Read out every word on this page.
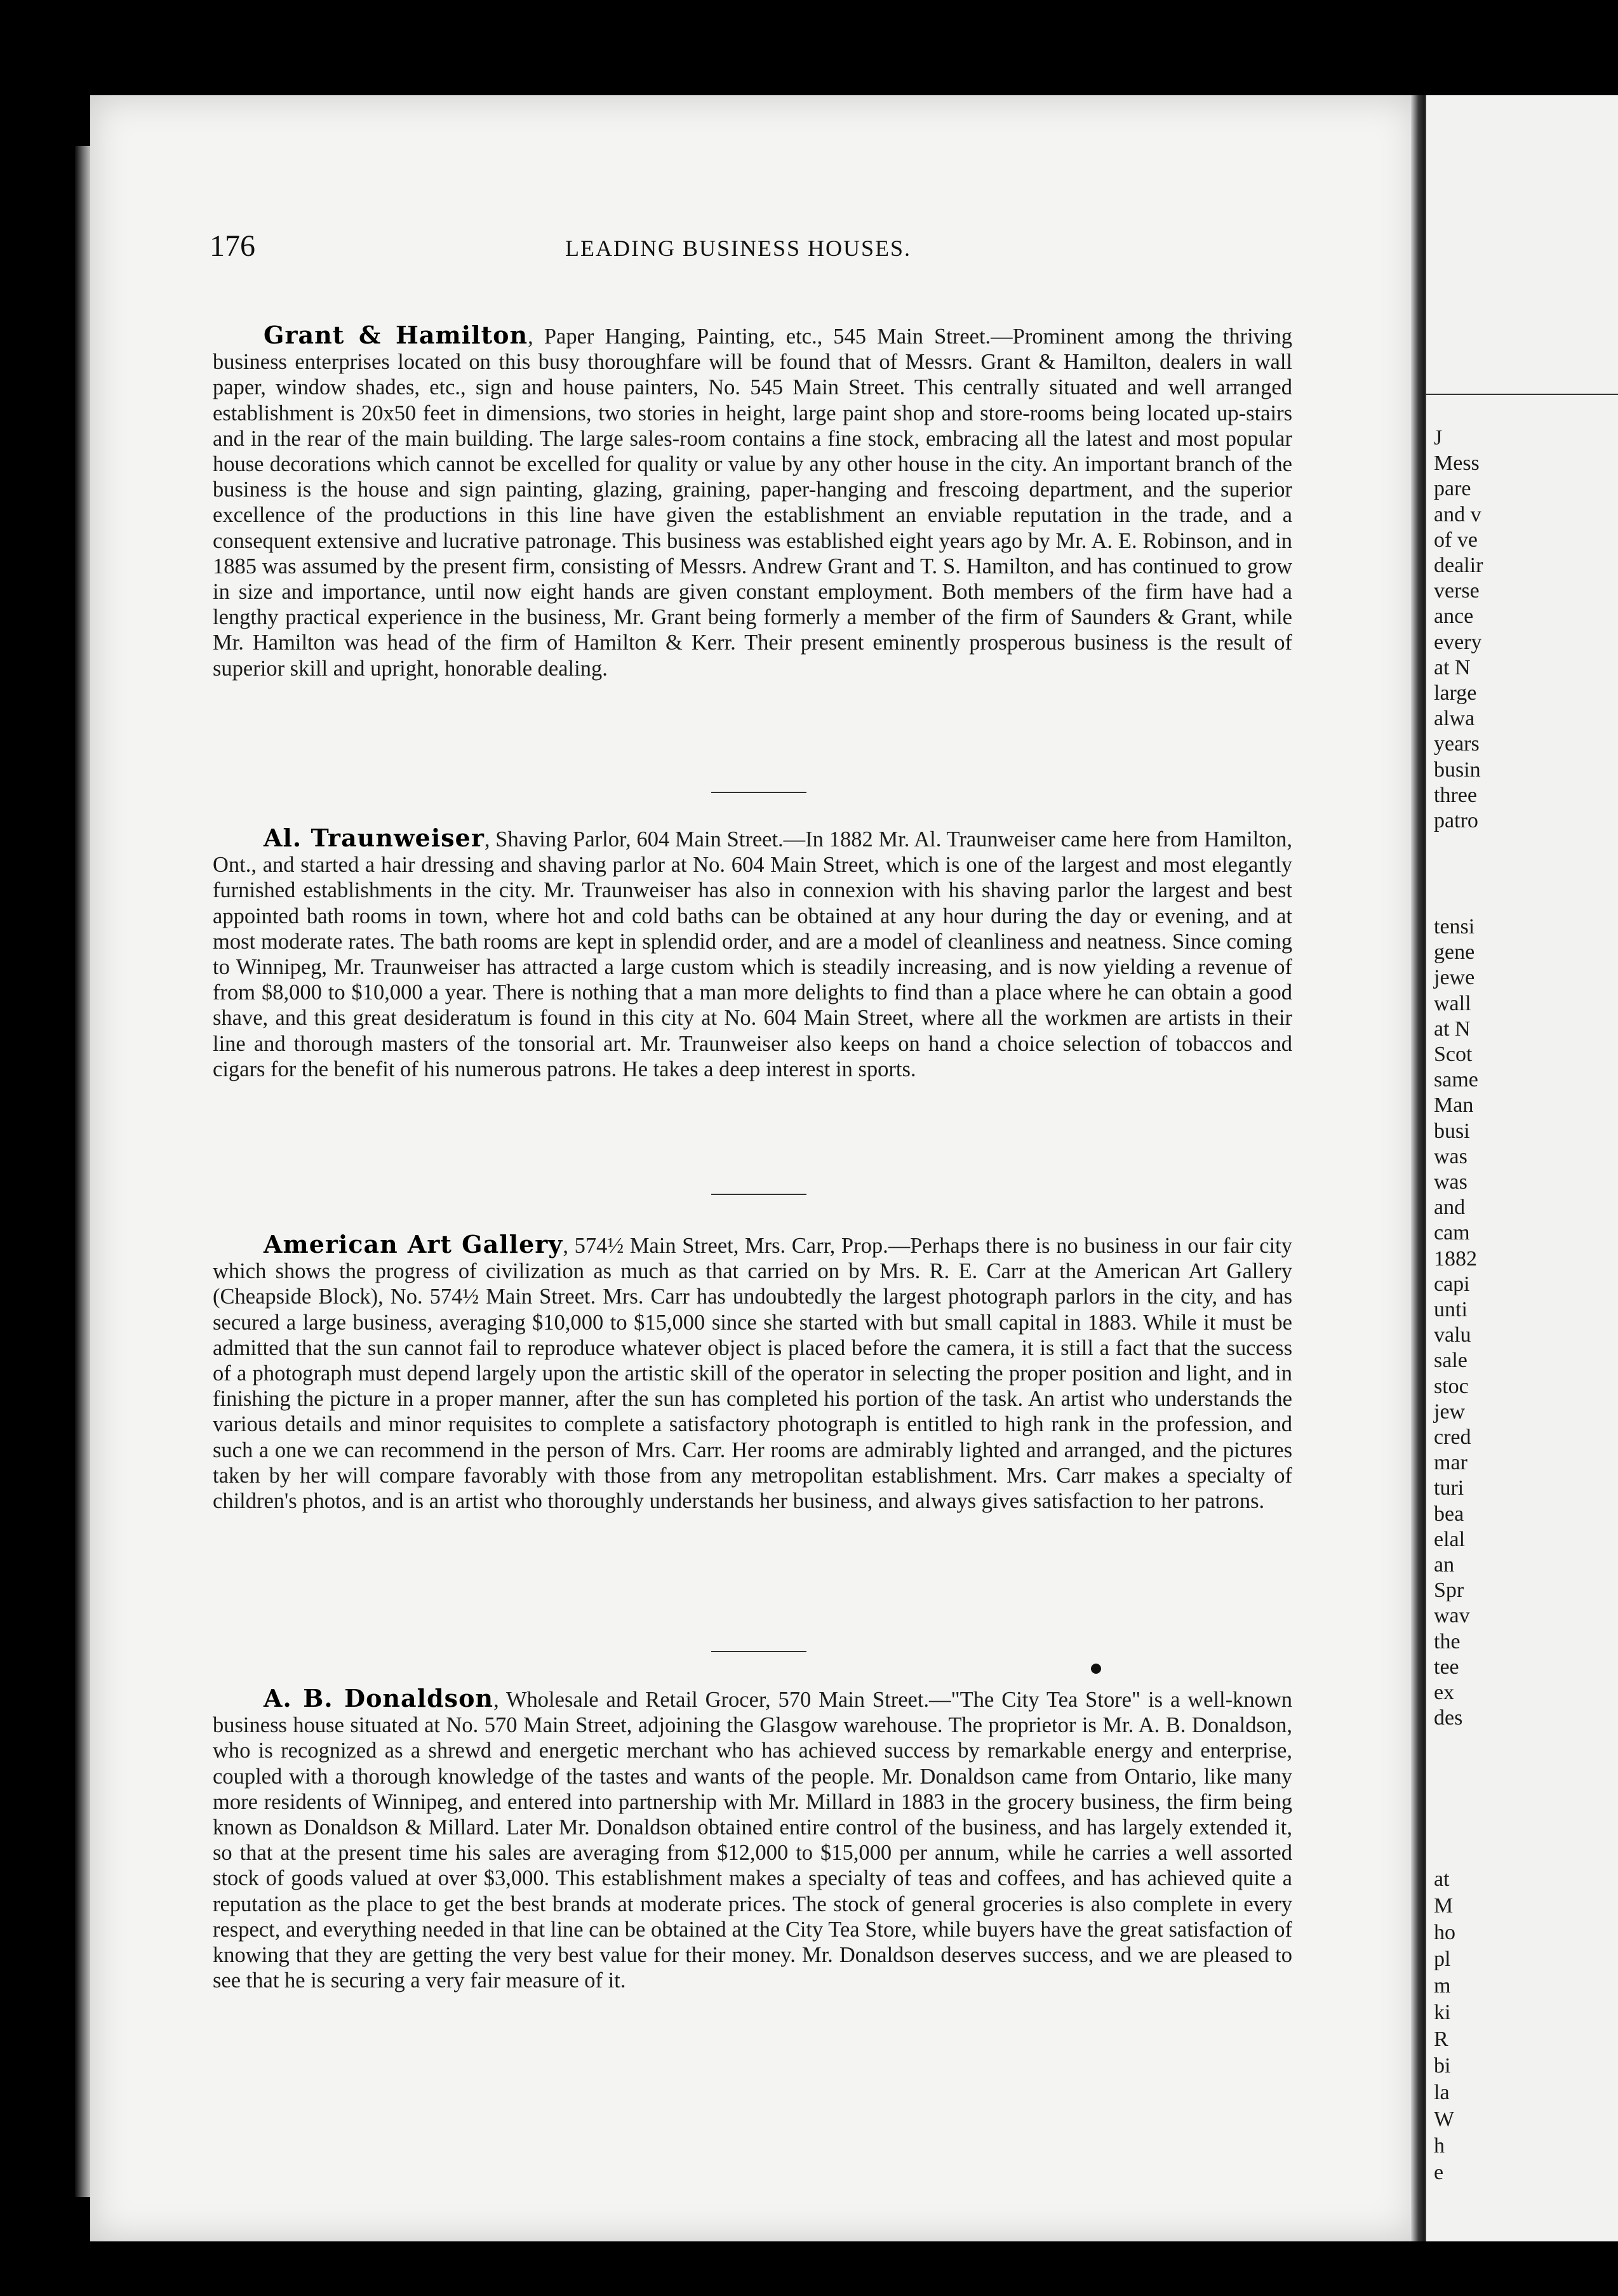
J
Mess
pare
and v
of ve
dealir
verse
ance
every
at N
large
alwa
years
busin
three
patro
tensi
gene
jewe
wall
at N
Scot
same
Man
busi
was
was
and
cam
1882
capi
unti
valu
sale
stoc
jew
cred
mar
turi
bea
elal
an
Spr
wav
the
tee
ex
des
at
M
ho
pl
m
ki
R
bi
la
W
h
e
176	LEADING BUSINESS HOUSES.
Grant & Hamilton, Paper Hanging, Painting, etc., 545 Main Street.—Prominent among the thriving business enterprises located on this busy thoroughfare will be found that of Messrs. Grant & Hamilton, dealers in wall paper, window shades, etc., sign and house painters, No. 545 Main Street. This centrally situated and well arranged establishment is 20x50 feet in dimensions, two stories in height, large paint shop and store-rooms being located up-stairs and in the rear of the main building. The large sales-room contains a fine stock, embracing all the latest and most popular house decorations which cannot be excelled for quality or value by any other house in the city. An important branch of the business is the house and sign painting, glazing, graining, paper-hanging and frescoing department, and the superior excellence of the productions in this line have given the establishment an enviable reputation in the trade, and a consequent extensive and lucrative patronage. This business was established eight years ago by Mr. A. E. Robinson, and in 1885 was assumed by the present firm, consisting of Messrs. Andrew Grant and T. S. Hamilton, and has continued to grow in size and importance, until now eight hands are given constant employment. Both members of the firm have had a lengthy practical experience in the business, Mr. Grant being formerly a member of the firm of Saunders & Grant, while Mr. Hamilton was head of the firm of Hamilton & Kerr. Their present eminently prosperous business is the result of superior skill and upright, honorable dealing.
Al. Traunweiser, Shaving Parlor, 604 Main Street.—In 1882 Mr. Al. Traunweiser came here from Hamilton, Ont., and started a hair dressing and shaving parlor at No. 604 Main Street, which is one of the largest and most elegantly furnished establishments in the city. Mr. Traunweiser has also in connexion with his shaving parlor the largest and best appointed bath rooms in town, where hot and cold baths can be obtained at any hour during the day or evening, and at most moderate rates. The bath rooms are kept in splendid order, and are a model of cleanliness and neatness. Since coming to Winnipeg, Mr. Traunweiser has attracted a large custom which is steadily increasing, and is now yielding a revenue of from $8,000 to $10,000 a year. There is nothing that a man more delights to find than a place where he can obtain a good shave, and this great desideratum is found in this city at No. 604 Main Street, where all the workmen are artists in their line and thorough masters of the tonsorial art. Mr. Traunweiser also keeps on hand a choice selection of tobaccos and cigars for the benefit of his numerous patrons. He takes a deep interest in sports.
American Art Gallery, 574½ Main Street, Mrs. Carr, Prop.—Perhaps there is no business in our fair city which shows the progress of civilization as much as that carried on by Mrs. R. E. Carr at the American Art Gallery (Cheapside Block), No. 574½ Main Street. Mrs. Carr has undoubtedly the largest photograph parlors in the city, and has secured a large business, averaging $10,000 to $15,000 since she started with but small capital in 1883. While it must be admitted that the sun cannot fail to reproduce whatever object is placed before the camera, it is still a fact that the success of a photograph must depend largely upon the artistic skill of the operator in selecting the proper position and light, and in finishing the picture in a proper manner, after the sun has completed his portion of the task. An artist who understands the various details and minor requisites to complete a satisfactory photograph is entitled to high rank in the profession, and such a one we can recommend in the person of Mrs. Carr. Her rooms are admirably lighted and arranged, and the pictures taken by her will compare favorably with those from any metropolitan establishment. Mrs. Carr makes a specialty of children's photos, and is an artist who thoroughly understands her business, and always gives satisfaction to her patrons.
A. B. Donaldson, Wholesale and Retail Grocer, 570 Main Street.—"The City Tea Store" is a well-known business house situated at No. 570 Main Street, adjoining the Glasgow warehouse. The proprietor is Mr. A. B. Donaldson, who is recognized as a shrewd and energetic merchant who has achieved success by remarkable energy and enterprise, coupled with a thorough knowledge of the tastes and wants of the people. Mr. Donaldson came from Ontario, like many more residents of Winnipeg, and entered into partnership with Mr. Millard in 1883 in the grocery business, the firm being known as Donaldson & Millard. Later Mr. Donaldson obtained entire control of the business, and has largely extended it, so that at the present time his sales are averaging from $12,000 to $15,000 per annum, while he carries a well assorted stock of goods valued at over $3,000. This establishment makes a specialty of teas and coffees, and has achieved quite a reputation as the place to get the best brands at moderate prices. The stock of general groceries is also complete in every respect, and everything needed in that line can be obtained at the City Tea Store, while buyers have the great satisfaction of knowing that they are getting the very best value for their money. Mr. Donaldson deserves success, and we are pleased to see that he is securing a very fair measure of it.
